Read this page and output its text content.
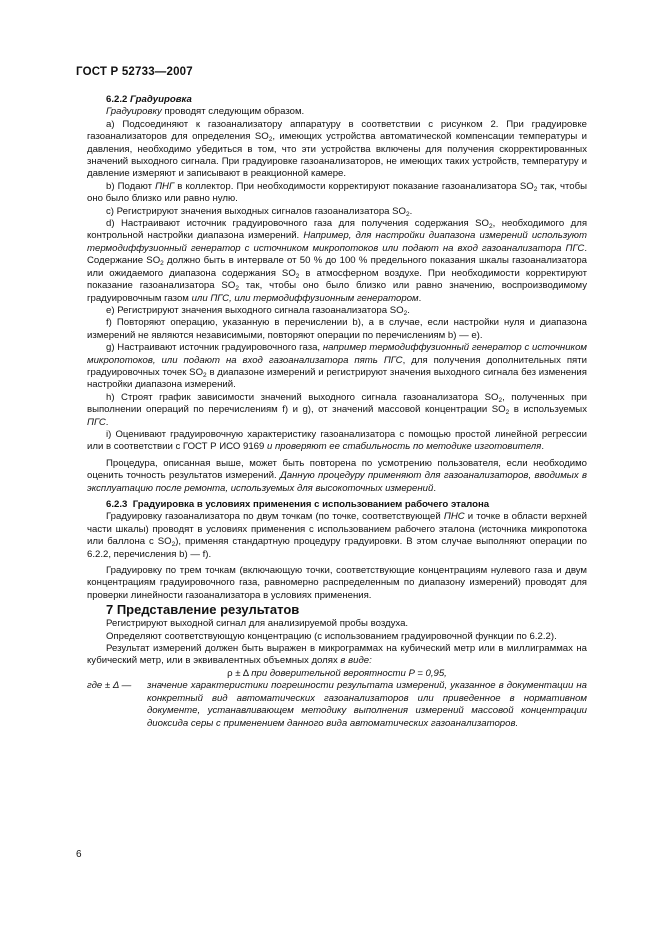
ГОСТ Р 52733—2007

6.2.2 Градуировка

Градуировку проводят следующим образом.

а) Подсоединяют к газоанализатору аппаратуру в соответствии с рисунком 2. При градуировке газоанализаторов для определения $SO_2$, имеющих устройства автоматической компенсации температуры и давления, необходимо убедиться в том, что эти устройства включены для получения скорректированных значений выходного сигнала. При градуировке газоанализаторов, не имеющих таких устройств, температуру и давление измеряют и записывают в реакционной камере.

b) Подают ПНГ в коллектор. При необходимости корректируют показание газоанализатора $SO_2$ так, чтобы оно было близко или равно нулю.

c) Регистрируют значения выходных сигналов газоанализатора $SO_2$.

d) Настраивают источник градуировочного газа для получения содержания $SO_2$, необходимого для контрольной настройки диапазона измерений. Например, для настройки диапазона измерений используют термодиффузионный генератор с источником микропотоков или подают на вход газоанализатора ПГС. Содержание $SO_2$ должно быть в интервале от 50 % до 100 % предельного показания шкалы газоанализатора или ожидаемого диапазона содержания $SO_2$ в атмосферном воздухе. При необходимости корректируют показание газоанализатора $SO_2$ так, чтобы оно было близко или равно значению, воспроизводимому градуировочным газом или ПГС, или термодиффузионным генератором.

e) Регистрируют значения выходного сигнала газоанализатора $SO_2$.

f) Повторяют операцию, указанную в перечислении b), а в случае, если настройки нуля и диапазона измерений не являются независимыми, повторяют операции по перечислениям b) — e).

g) Настраивают источник градуировочного газа, например термодиффузионный генератор с источником микропотоков, или подают на вход газоанализатора пять ПГС, для получения дополнительных пяти градуировочных точек $SO_2$ в диапазоне измерений и регистрируют значения выходного сигнала без изменения настройки диапазона измерений.

h) Строят график зависимости значений выходного сигнала газоанализатора $SO_2$, полученных при выполнении операций по перечислениям f) и g), от значений массовой концентрации $SO_2$ в используемых ПГС.

i) Оценивают градуировочную характеристику газоанализатора с помощью простой линейной регрессии или в соответствии с ГОСТ Р ИСО 9169 и проверяют ее стабильность по методике изготовителя.

Процедура, описанная выше, может быть повторена по усмотрению пользователя, если необходимо оценить точность результатов измерений. Данную процедуру применяют для газоанализаторов, вводимых в эксплуатацию после ремонта, используемых для высокоточных измерений.

6.2.3 Градуировка в условиях применения с использованием рабочего эталона

Градуировку газоанализатора по двум точкам (по точке, соответствующей ПНС и точке в области верхней части шкалы) проводят в условиях применения с использованием рабочего эталона (источника микропотока или баллона с $SO_2$), применяя стандартную процедуру градуировки. В этом случае выполняют операции по 6.2.2, перечисления b) — f).

Градуировку по трем точкам (включающую точки, соответствующие концентрациям нулевого газа и двум концентрациям градуировочного газа, равномерно распределенным по диапазону измерений) проводят для проверки линейности газоанализатора в условиях применения.

7 Представление результатов

Регистрируют выходной сигнал для анализируемой пробы воздуха.

Определяют соответствующую концентрацию (с использованием градуировочной функции по 6.2.2).

Результат измерений должен быть выражен в микрограммах на кубический метр или в миллиграммах на кубический метр, или в эквивалентных объемных долях в виде:

ρ ± Δ при доверительной вероятности P = 0,95,

где ± Δ —	значение характеристики погрешности результата измерений, указанное в документации на конкретный вид автоматических газоанализаторов или приведенное в нормативном документе, устанавливающем методику выполнения измерений массовой концентрации диоксида серы с применением данного вида автоматических газоанализаторов.

6
